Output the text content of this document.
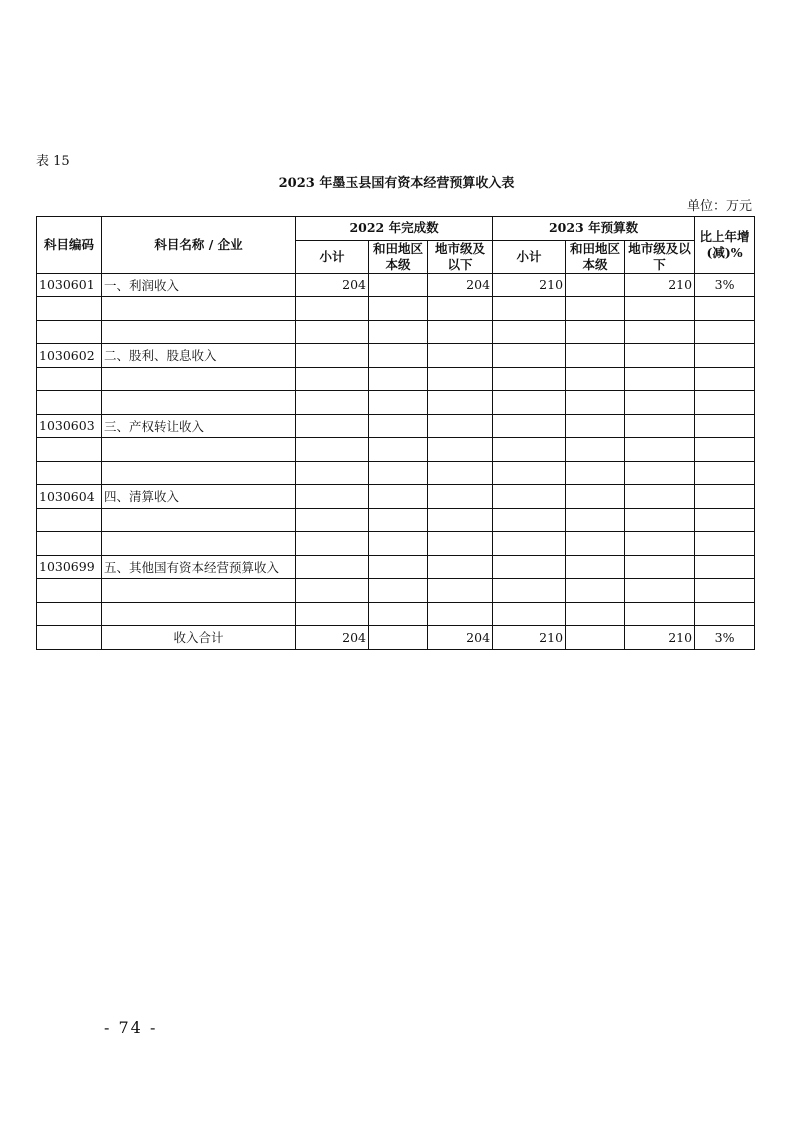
表 15
2023 年墨玉县国有资本经营预算收入表
单位：万元
科目编码	科目名称 / 企业	2022 年完成数			2023 年预算数			比上年增(减)%
		小计	和田地区本级	地市级及以下	小计	和田地区本级	地市级及以下	
1030601	一、利润收入	204		204	210		210	3%

1030602	二、股利、股息收入							

1030603	三、产权转让收入							

1030604	四、清算收入							

1030699	五、其他国有资本经营预算收入							

	收入合计	204		204	210		210	3%
- 74 -
